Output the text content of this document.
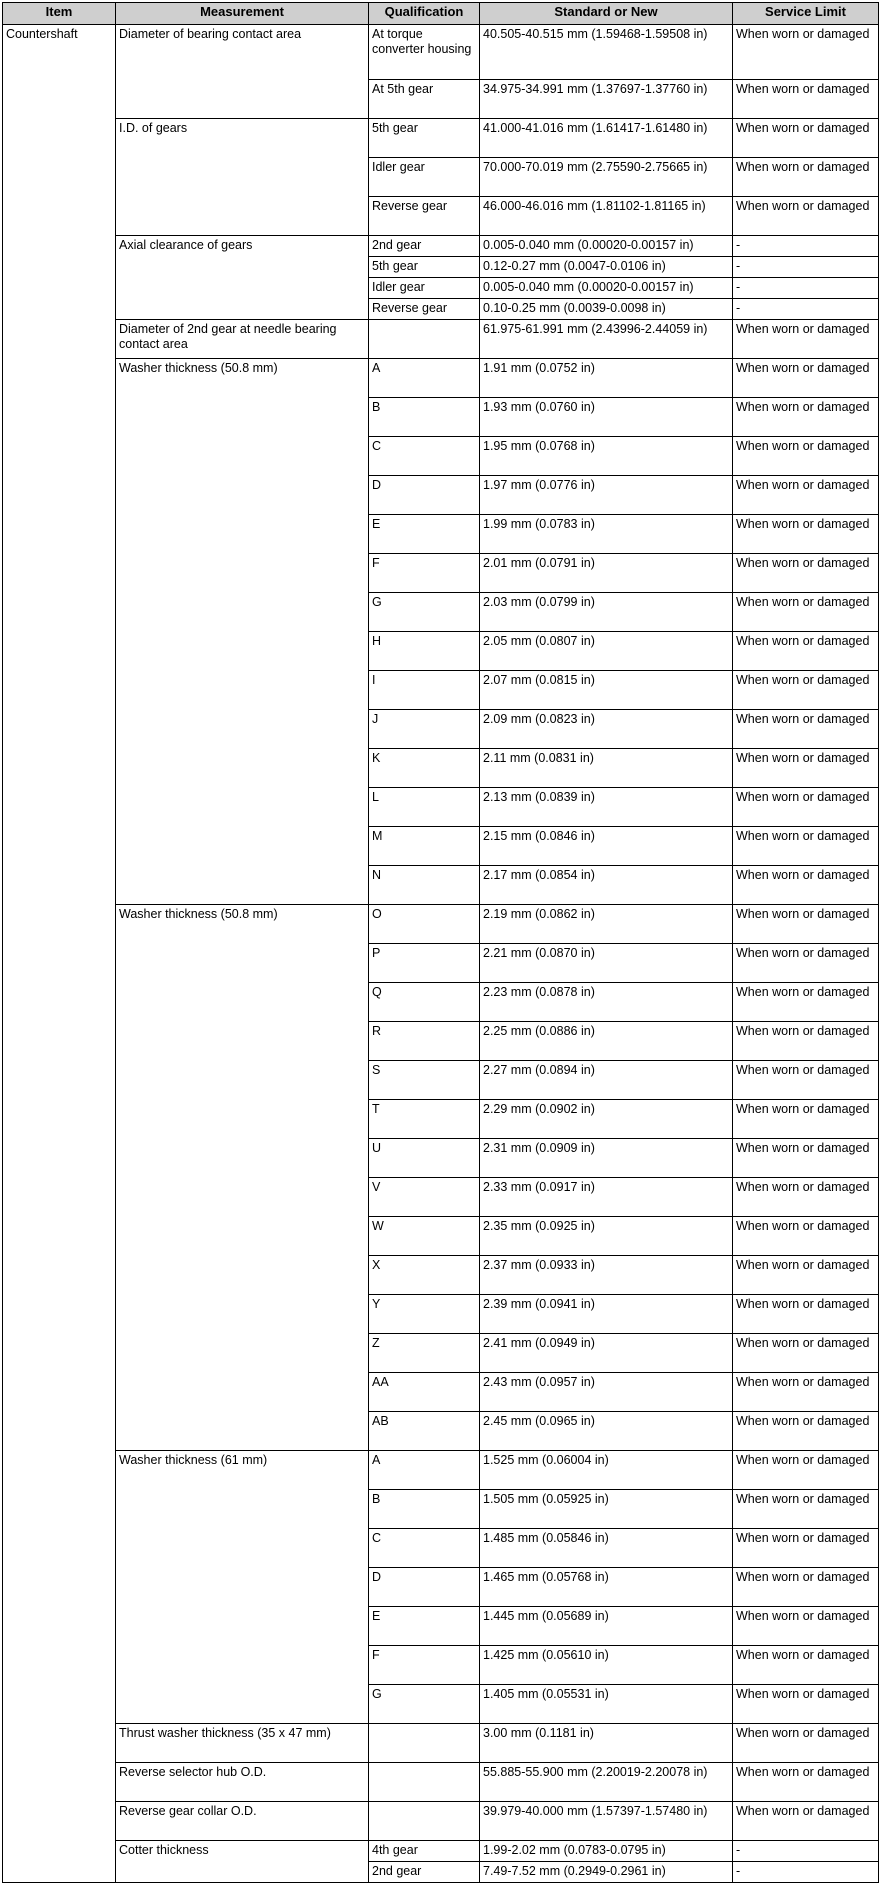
Item	Measurement	Qualification	Standard or New	Service Limit
Countershaft	Diameter of bearing contact area	At torque converter housing	40.505-40.515 mm (1.59468-1.59508 in)	When worn or damaged
		At 5th gear	34.975-34.991 mm (1.37697-1.37760 in)	When worn or damaged
	I.D. of gears	5th gear	41.000-41.016 mm (1.61417-1.61480 in)	When worn or damaged
		Idler gear	70.000-70.019 mm (2.75590-2.75665 in)	When worn or damaged
		Reverse gear	46.000-46.016 mm (1.81102-1.81165 in)	When worn or damaged
	Axial clearance of gears	2nd gear	0.005-0.040 mm (0.00020-0.00157 in)	-
		5th gear	0.12-0.27 mm (0.0047-0.0106 in)	-
		Idler gear	0.005-0.040 mm (0.00020-0.00157 in)	-
		Reverse gear	0.10-0.25 mm (0.0039-0.0098 in)	-
	Diameter of 2nd gear at needle bearing contact area		61.975-61.991 mm (2.43996-2.44059 in)	When worn or damaged
	Washer thickness (50.8 mm)	A	1.91 mm (0.0752 in)	When worn or damaged
		B	1.93 mm (0.0760 in)	When worn or damaged
		C	1.95 mm (0.0768 in)	When worn or damaged
		D	1.97 mm (0.0776 in)	When worn or damaged
		E	1.99 mm (0.0783 in)	When worn or damaged
		F	2.01 mm (0.0791 in)	When worn or damaged
		G	2.03 mm (0.0799 in)	When worn or damaged
		H	2.05 mm (0.0807 in)	When worn or damaged
		I	2.07 mm (0.0815 in)	When worn or damaged
		J	2.09 mm (0.0823 in)	When worn or damaged
		K	2.11 mm (0.0831 in)	When worn or damaged
		L	2.13 mm (0.0839 in)	When worn or damaged
		M	2.15 mm (0.0846 in)	When worn or damaged
		N	2.17 mm (0.0854 in)	When worn or damaged
	Washer thickness (50.8 mm)	O	2.19 mm (0.0862 in)	When worn or damaged
		P	2.21 mm (0.0870 in)	When worn or damaged
		Q	2.23 mm (0.0878 in)	When worn or damaged
		R	2.25 mm (0.0886 in)	When worn or damaged
		S	2.27 mm (0.0894 in)	When worn or damaged
		T	2.29 mm (0.0902 in)	When worn or damaged
		U	2.31 mm (0.0909 in)	When worn or damaged
		V	2.33 mm (0.0917 in)	When worn or damaged
		W	2.35 mm (0.0925 in)	When worn or damaged
		X	2.37 mm (0.0933 in)	When worn or damaged
		Y	2.39 mm (0.0941 in)	When worn or damaged
		Z	2.41 mm (0.0949 in)	When worn or damaged
		AA	2.43 mm (0.0957 in)	When worn or damaged
		AB	2.45 mm (0.0965 in)	When worn or damaged
	Washer thickness (61 mm)	A	1.525 mm (0.06004 in)	When worn or damaged
		B	1.505 mm (0.05925 in)	When worn or damaged
		C	1.485 mm (0.05846 in)	When worn or damaged
		D	1.465 mm (0.05768 in)	When worn or damaged
		E	1.445 mm (0.05689 in)	When worn or damaged
		F	1.425 mm (0.05610 in)	When worn or damaged
		G	1.405 mm (0.05531 in)	When worn or damaged
	Thrust washer thickness (35 x 47 mm)		3.00 mm (0.1181 in)	When worn or damaged
	Reverse selector hub O.D.		55.885-55.900 mm (2.20019-2.20078 in)	When worn or damaged
	Reverse gear collar O.D.		39.979-40.000 mm (1.57397-1.57480 in)	When worn or damaged
	Cotter thickness	4th gear	1.99-2.02 mm (0.0783-0.0795 in)	-
		2nd gear	7.49-7.52 mm (0.2949-0.2961 in)	-
